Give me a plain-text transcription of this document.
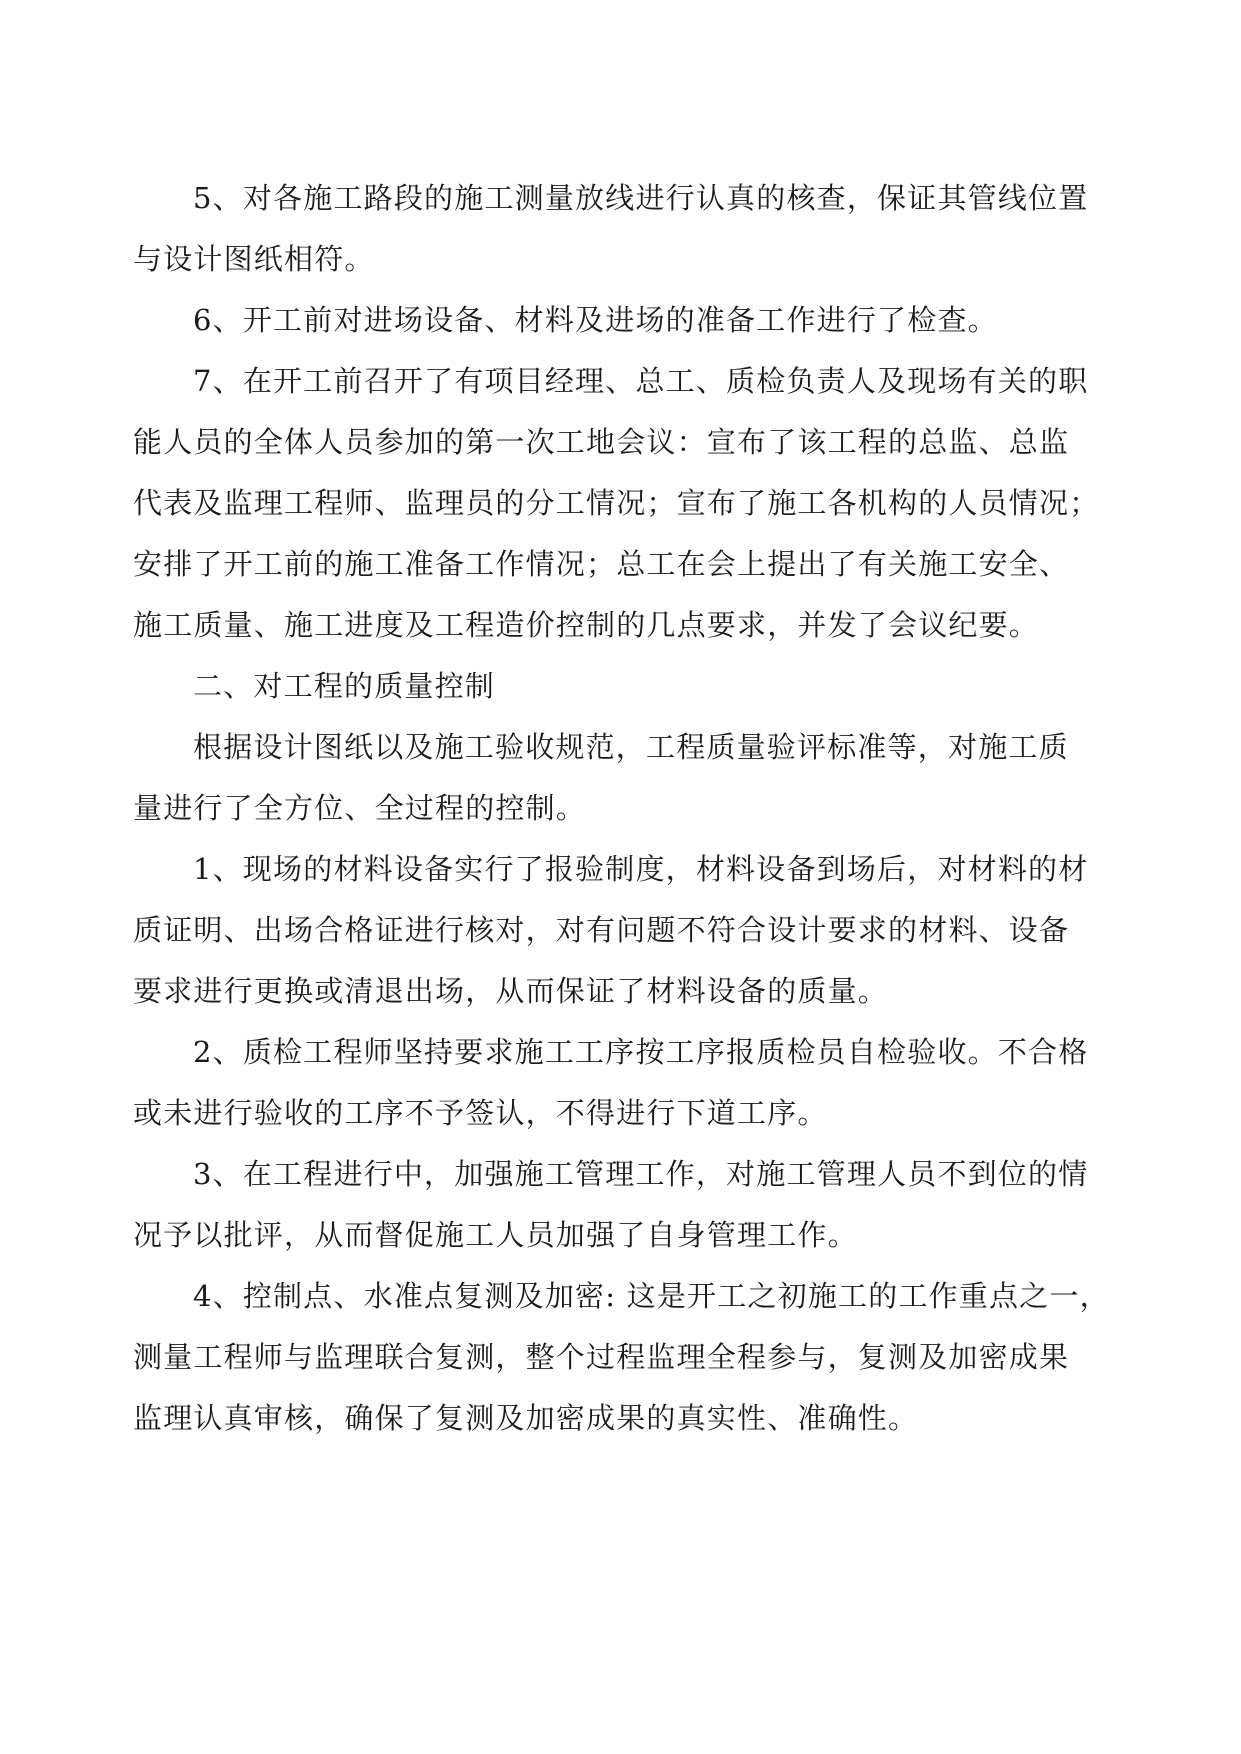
5、对各施工路段的施工测量放线进行认真的核查，保证其管线位置
与设计图纸相符。

6、开工前对进场设备、材料及进场的准备工作进行了检查。

7、在开工前召开了有项目经理、总工、质检负责人及现场有关的职
能人员的全体人员参加的第一次工地会议：宣布了该工程的总监、总监
代表及监理工程师、监理员的分工情况；宣布了施工各机构的人员情况；
安排了开工前的施工准备工作情况；总工在会上提出了有关施工安全、
施工质量、施工进度及工程造价控制的几点要求，并发了会议纪要。

二、对工程的质量控制

根据设计图纸以及施工验收规范，工程质量验评标准等，对施工质
量进行了全方位、全过程的控制。

1、现场的材料设备实行了报验制度，材料设备到场后，对材料的材
质证明、出场合格证进行核对，对有问题不符合设计要求的材料、设备
要求进行更换或清退出场，从而保证了材料设备的质量。

2、质检工程师坚持要求施工工序按工序报质检员自检验收。不合格
或未进行验收的工序不予签认，不得进行下道工序。

3、在工程进行中，加强施工管理工作，对施工管理人员不到位的情
况予以批评，从而督促施工人员加强了自身管理工作。

4、控制点、水准点复测及加密: 这是开工之初施工的工作重点之一，
测量工程师与监理联合复测，整个过程监理全程参与，复测及加密成果
监理认真审核，确保了复测及加密成果的真实性、准确性。
